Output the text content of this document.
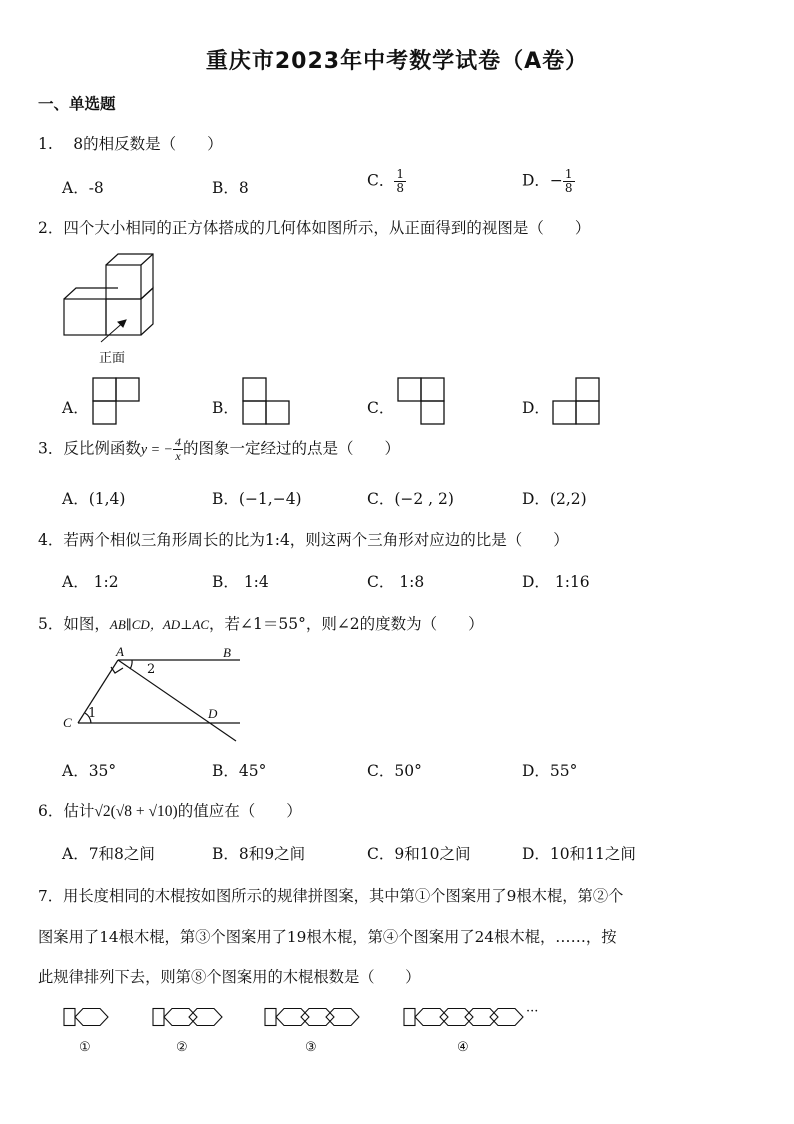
重庆市2023年中考数学试卷（A卷）
一、单选题
1.　 8的相反数是（　　）
A．-8	B．8	C． $\frac{1}{8}$	D．− $\frac{1}{8}$
2．四个大小相同的正方体搭成的几何体如图所示，从正面得到的视图是（　　）
正面
A．	B．	C．	D．
3．反比例函数y = − $\frac{4}{x}$ 的图象一定经过的点是（　　）
A．(1,4)	B．(−1,−4)	C．(−2 , 2)	D．(2,2)
4．若两个相似三角形周长的比为1:4，则这两个三角形对应边的比是（　　）
A． 1:2	B． 1:4	C． 1:8	D． 1:16
5．如图，AB∥CD，AD⊥AC，若∠1＝55°，则∠2的度数为（　　）
A	B
C
D
1
2
A．35°	B．45°	C．50°	D．55°
6．估计√2(√8 + √10)的值应在（　　）
A．7和8之间	B．8和9之间	C．9和10之间	D．10和11之间
7．用长度相同的木棍按如图所示的规律拼图案，其中第①个图案用了9根木棍，第②个
图案用了14根木棍，第③个图案用了19根木棍，第④个图案用了24根木棍，……，按
此规律排列下去，则第⑧个图案用的木棍根数是（　　）
①	②	③	④
···
